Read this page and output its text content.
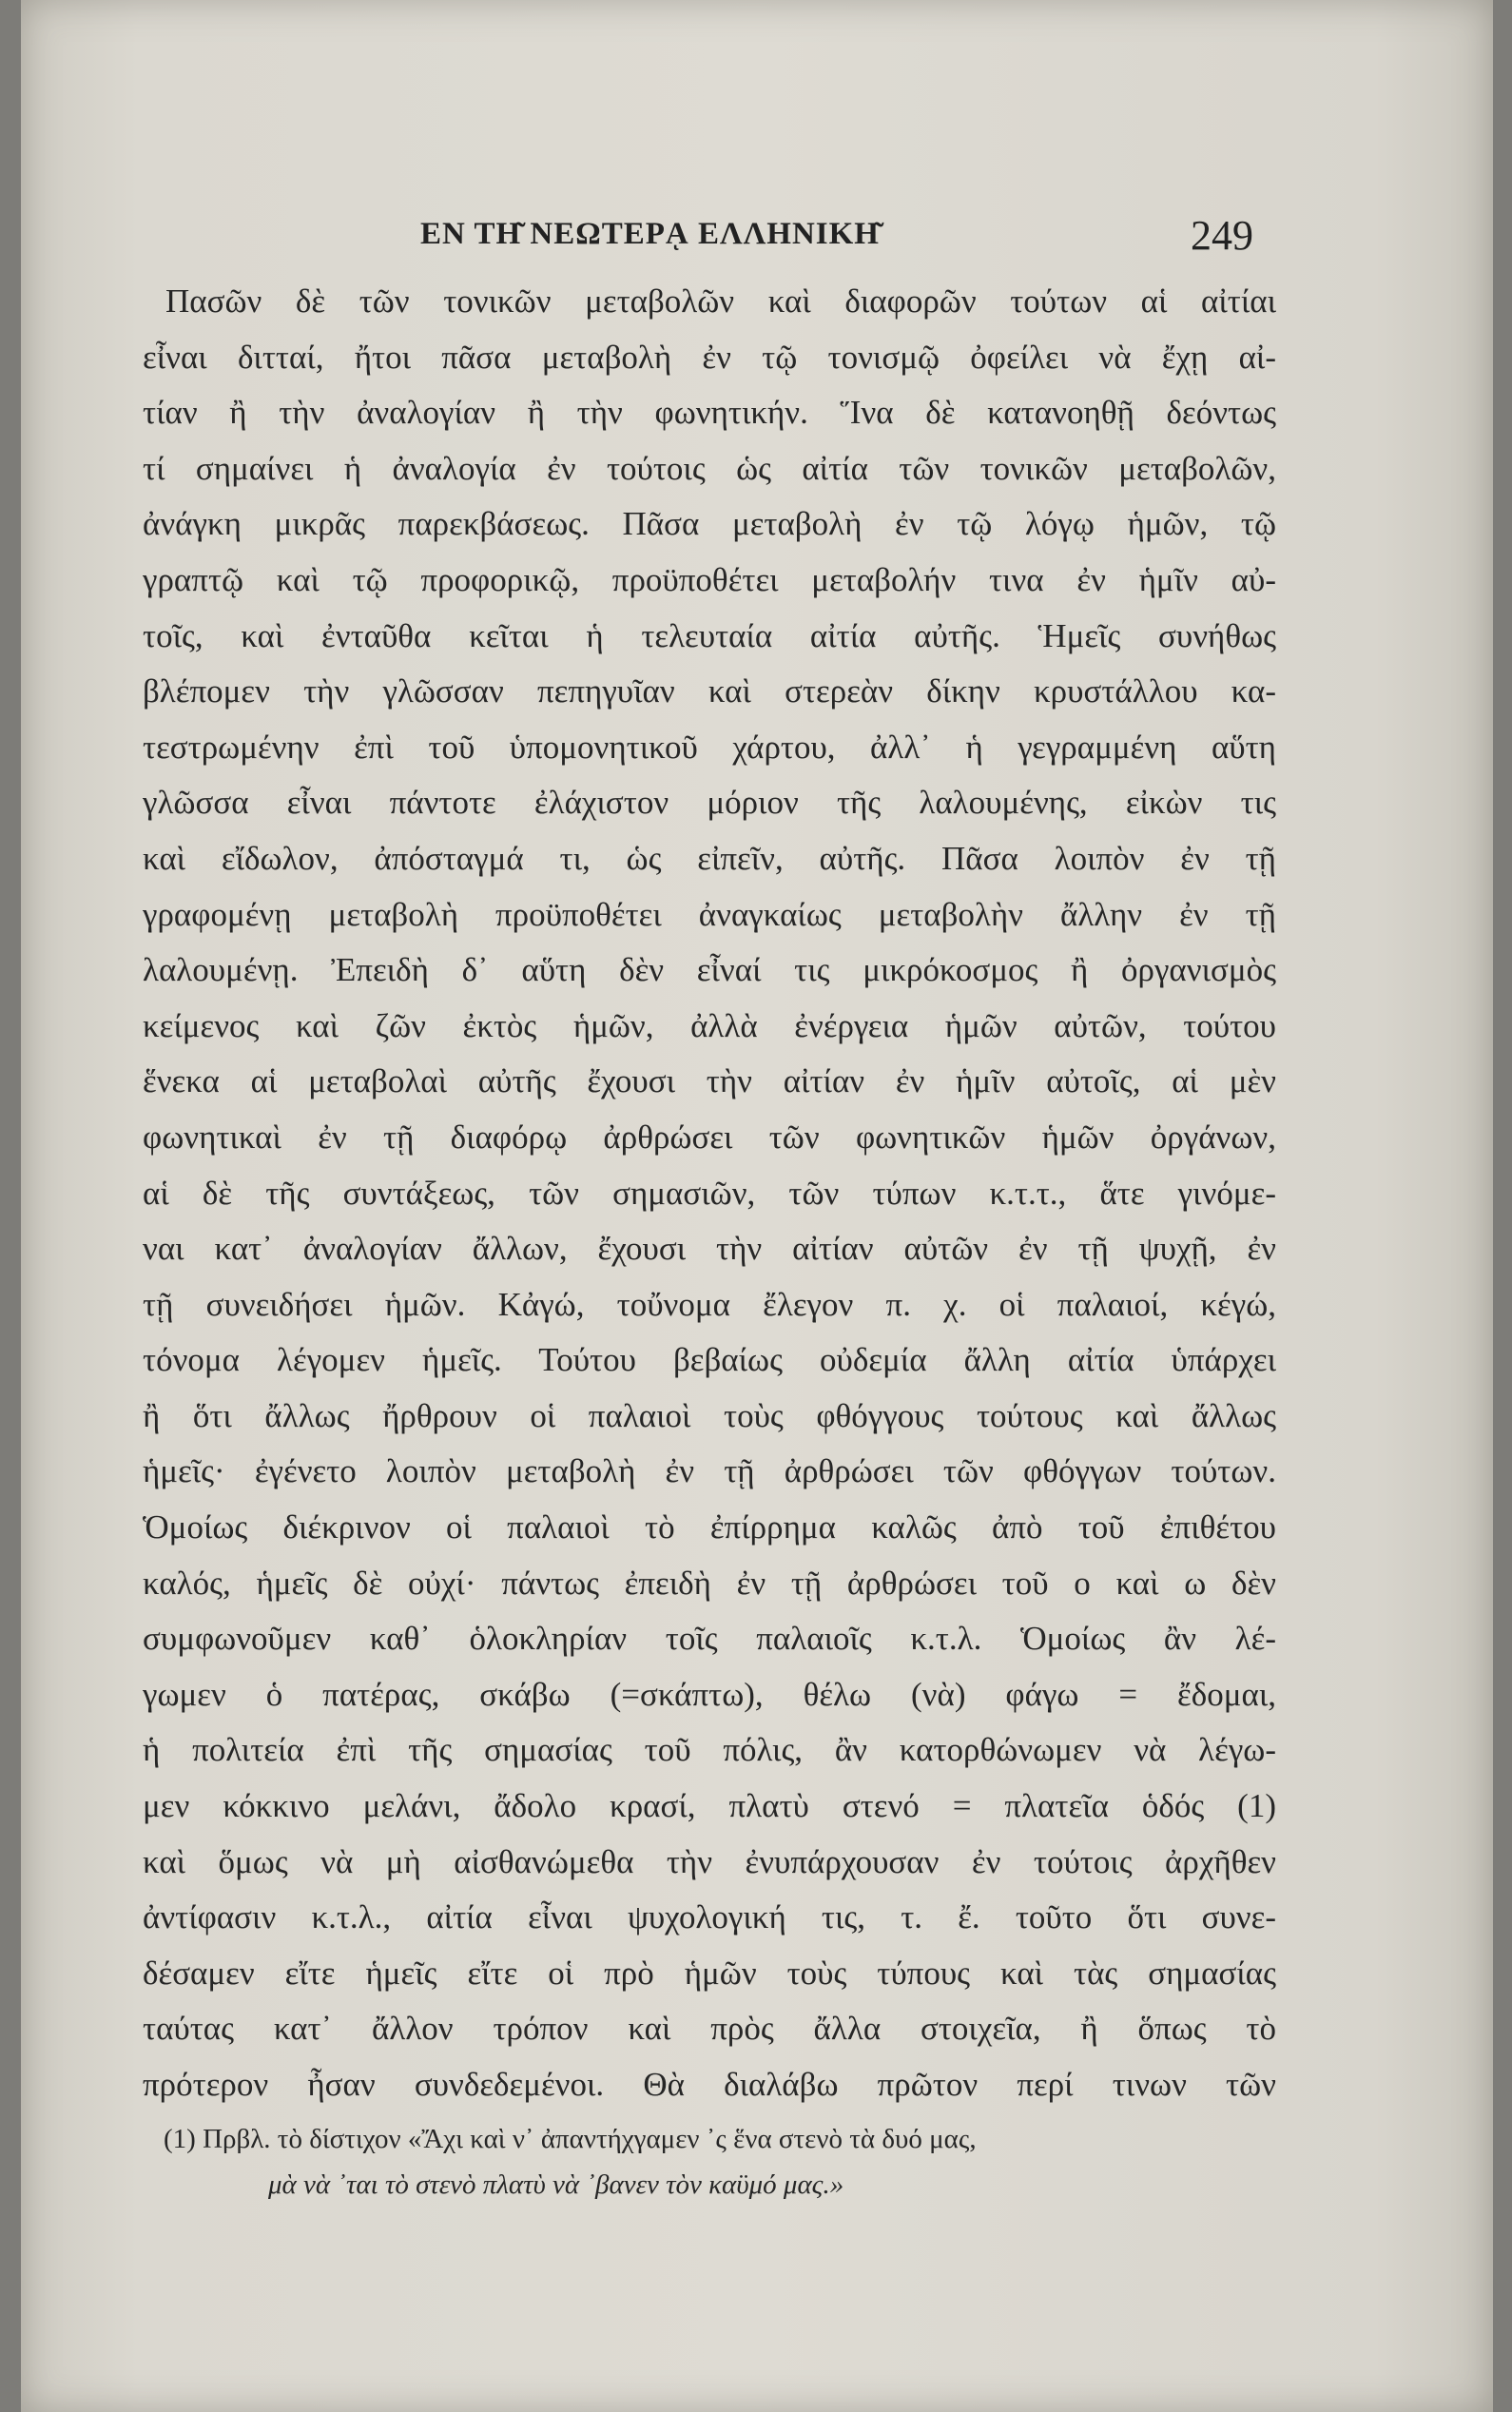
ΕΝ ΤΗ͂ ΝΕΩΤΕΡᾼ ΕΛΛΗΝΙΚΗ͂	249
Πασῶν δὲ τῶν τονικῶν μεταβολῶν καὶ διαφορῶν τούτων αἱ αἰτίαι
εἶναι διτταί, ἤτοι πᾶσα μεταβολὴ ἐν τῷ τονισμῷ ὀφείλει νὰ ἔχῃ αἰ-
τίαν ἢ τὴν ἀναλογίαν ἢ τὴν φωνητικήν. Ἵνα δὲ κατανοηθῇ δεόντως
τί σημαίνει ἡ ἀναλογία ἐν τούτοις ὡς αἰτία τῶν τονικῶν μεταβολῶν,
ἀνάγκη μικρᾶς παρεκβάσεως. Πᾶσα μεταβολὴ ἐν τῷ λόγῳ ἡμῶν, τῷ
γραπτῷ καὶ τῷ προφορικῷ, προϋποθέτει μεταβολήν τινα ἐν ἡμῖν αὐ-
τοῖς, καὶ ἐνταῦθα κεῖται ἡ τελευταία αἰτία αὐτῆς. Ἡμεῖς συνήθως
βλέπομεν τὴν γλῶσσαν πεπηγυῖαν καὶ στερεὰν δίκην κρυστάλλου κα-
τεστρωμένην ἐπὶ τοῦ ὑπομονητικοῦ χάρτου, ἀλλ᾿ ἡ γεγραμμένη αὕτη
γλῶσσα εἶναι πάντοτε ἐλάχιστον μόριον τῆς λαλουμένης, εἰκὼν τις
καὶ εἴδωλον, ἀπόσταγμά τι, ὡς εἰπεῖν, αὐτῆς. Πᾶσα λοιπὸν ἐν τῇ
γραφομένῃ μεταβολὴ προϋποθέτει ἀναγκαίως μεταβολὴν ἄλλην ἐν τῇ
λαλουμένῃ. Ἐπειδὴ δ᾿ αὕτη δὲν εἶναί τις μικρόκοσμος ἢ ὀργανισμὸς
κείμενος καὶ ζῶν ἐκτὸς ἡμῶν, ἀλλὰ ἐνέργεια ἡμῶν αὐτῶν, τούτου
ἕνεκα αἱ μεταβολαὶ αὐτῆς ἔχουσι τὴν αἰτίαν ἐν ἡμῖν αὐτοῖς, αἱ μὲν
φωνητικαὶ ἐν τῇ διαφόρῳ ἀρθρώσει τῶν φωνητικῶν ἡμῶν ὀργάνων,
αἱ δὲ τῆς συντάξεως, τῶν σημασιῶν, τῶν τύπων κ.τ.τ., ἅτε γινόμε-
ναι κατ᾿ ἀναλογίαν ἄλλων, ἔχουσι τὴν αἰτίαν αὐτῶν ἐν τῇ ψυχῇ, ἐν
τῇ συνειδήσει ἡμῶν. Κἀγώ, τοὔνομα ἔλεγον π. χ. οἱ παλαιοί, κέγώ,
τόνομα λέγομεν ἡμεῖς. Τούτου βεβαίως οὐδεμία ἄλλη αἰτία ὑπάρχει
ἢ ὅτι ἄλλως ἤρθρουν οἱ παλαιοὶ τοὺς φθόγγους τούτους καὶ ἄλλως
ἡμεῖς· ἐγένετο λοιπὸν μεταβολὴ ἐν τῇ ἀρθρώσει τῶν φθόγγων τούτων.
Ὁμοίως διέκρινον οἱ παλαιοὶ τὸ ἐπίρρημα καλῶς ἀπὸ τοῦ ἐπιθέτου
καλός, ἡμεῖς δὲ οὐχί· πάντως ἐπειδὴ ἐν τῇ ἀρθρώσει τοῦ ο καὶ ω δὲν
συμφωνοῦμεν καθ᾿ ὁλοκληρίαν τοῖς παλαιοῖς κ.τ.λ. Ὁμοίως ἂν λέ-
γωμεν ὁ πατέρας, σκάβω (=σκάπτω), θέλω (νὰ) φάγω = ἔδομαι,
ἡ πολιτεία ἐπὶ τῆς σημασίας τοῦ πόλις, ἂν κατορθώνωμεν νὰ λέγω-
μεν κόκκινο μελάνι, ἄδολο κρασί, πλατὺ στενό = πλατεῖα ὁδός (1)
καὶ ὅμως νὰ μὴ αἰσθανώμεθα τὴν ἐνυπάρχουσαν ἐν τούτοις ἀρχῆθεν
ἀντίφασιν κ.τ.λ., αἰτία εἶναι ψυχολογική τις, τ. ἔ. τοῦτο ὅτι συνε-
δέσαμεν εἴτε ἡμεῖς εἴτε οἱ πρὸ ἡμῶν τοὺς τύπους καὶ τὰς σημασίας
ταύτας κατ᾿ ἄλλον τρόπον καὶ πρὸς ἄλλα στοιχεῖα, ἢ ὅπως τὸ
πρότερον ἦσαν συνδεδεμένοι. Θὰ διαλάβω πρῶτον περί τινων τῶν
(1) Πρβλ. τὸ δίστιχον «Ἄχι καὶ ν᾿ ἀπαντήχγαμεν ᾿ς ἕνα στενὸ τὰ δυό μας,
μὰ νὰ ᾿ται τὸ στενὸ πλατὺ νὰ ᾿βανεν τὸν καϋμό μας.»
